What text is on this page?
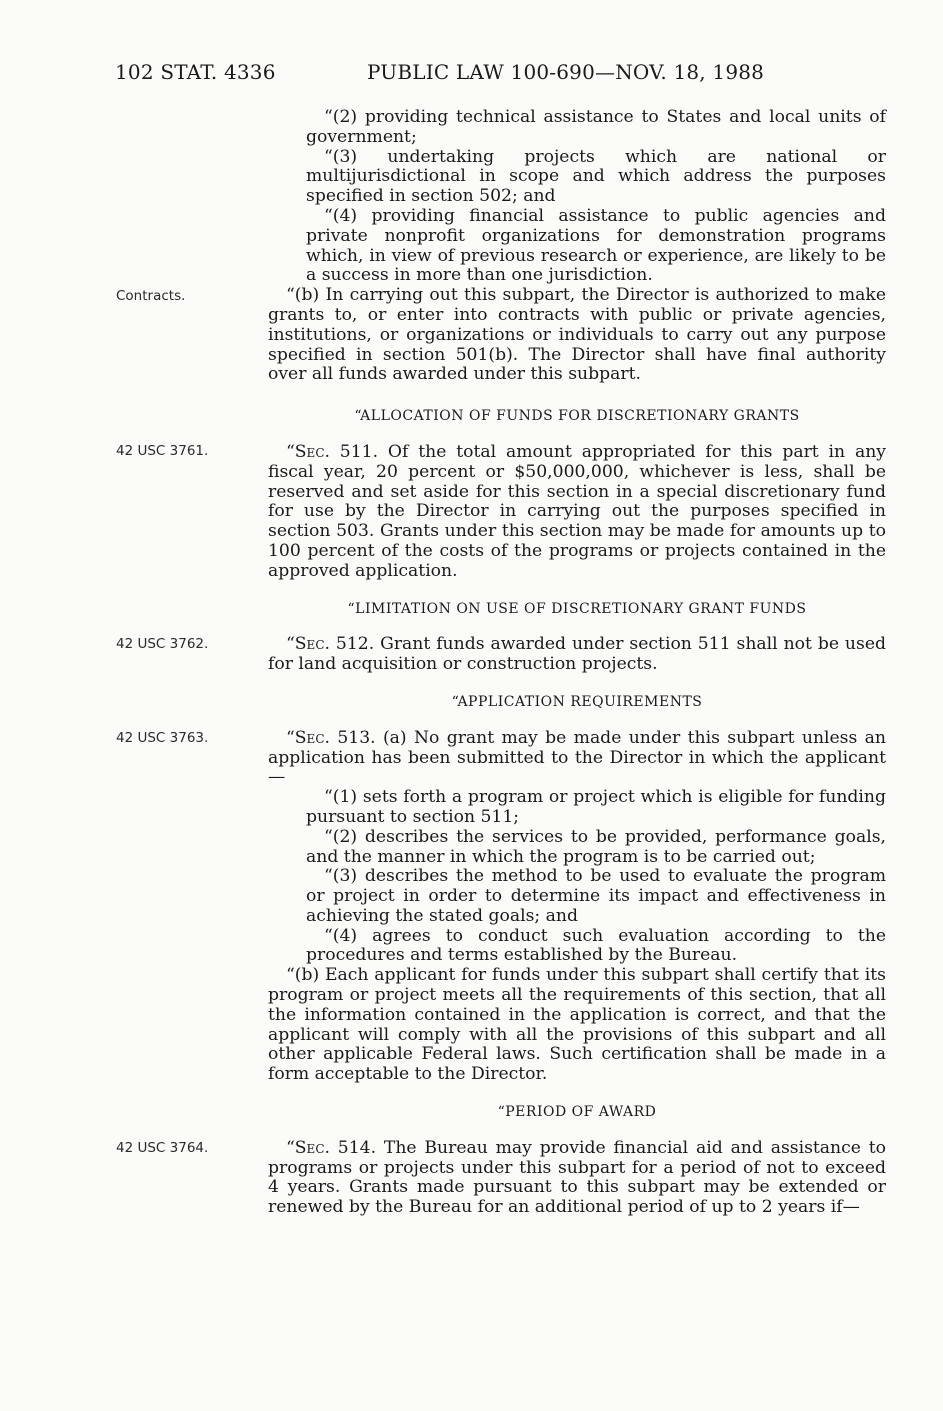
102 STAT. 4336	PUBLIC LAW 100-690—NOV. 18, 1988
Contracts.
42 USC 3761.
42 USC 3762.
42 USC 3763.
42 USC 3764.
“(2) providing technical assistance to States and local units of government;
“(3) undertaking projects which are national or multijurisdictional in scope and which address the purposes specified in section 502; and
“(4) providing financial assistance to public agencies and private nonprofit organizations for demonstration programs which, in view of previous research or experience, are likely to be a success in more than one jurisdiction.
“(b) In carrying out this subpart, the Director is authorized to make grants to, or enter into contracts with public or private agencies, institutions, or organizations or individuals to carry out any purpose specified in section 501(b). The Director shall have final authority over all funds awarded under this subpart.
“ALLOCATION OF FUNDS FOR DISCRETIONARY GRANTS
“Sec. 511. Of the total amount appropriated for this part in any fiscal year, 20 percent or $50,000,000, whichever is less, shall be reserved and set aside for this section in a special discretionary fund for use by the Director in carrying out the purposes specified in section 503. Grants under this section may be made for amounts up to 100 percent of the costs of the programs or projects contained in the approved application.
“LIMITATION ON USE OF DISCRETIONARY GRANT FUNDS
“Sec. 512. Grant funds awarded under section 511 shall not be used for land acquisition or construction projects.
“APPLICATION REQUIREMENTS
“Sec. 513. (a) No grant may be made under this subpart unless an application has been submitted to the Director in which the applicant—
“(1) sets forth a program or project which is eligible for funding pursuant to section 511;
“(2) describes the services to be provided, performance goals, and the manner in which the program is to be carried out;
“(3) describes the method to be used to evaluate the program or project in order to determine its impact and effectiveness in achieving the stated goals; and
“(4) agrees to conduct such evaluation according to the procedures and terms established by the Bureau.
“(b) Each applicant for funds under this subpart shall certify that its program or project meets all the requirements of this section, that all the information contained in the application is correct, and that the applicant will comply with all the provisions of this subpart and all other applicable Federal laws. Such certification shall be made in a form acceptable to the Director.
“PERIOD OF AWARD
“Sec. 514. The Bureau may provide financial aid and assistance to programs or projects under this subpart for a period of not to exceed 4 years. Grants made pursuant to this subpart may be extended or renewed by the Bureau for an additional period of up to 2 years if—
